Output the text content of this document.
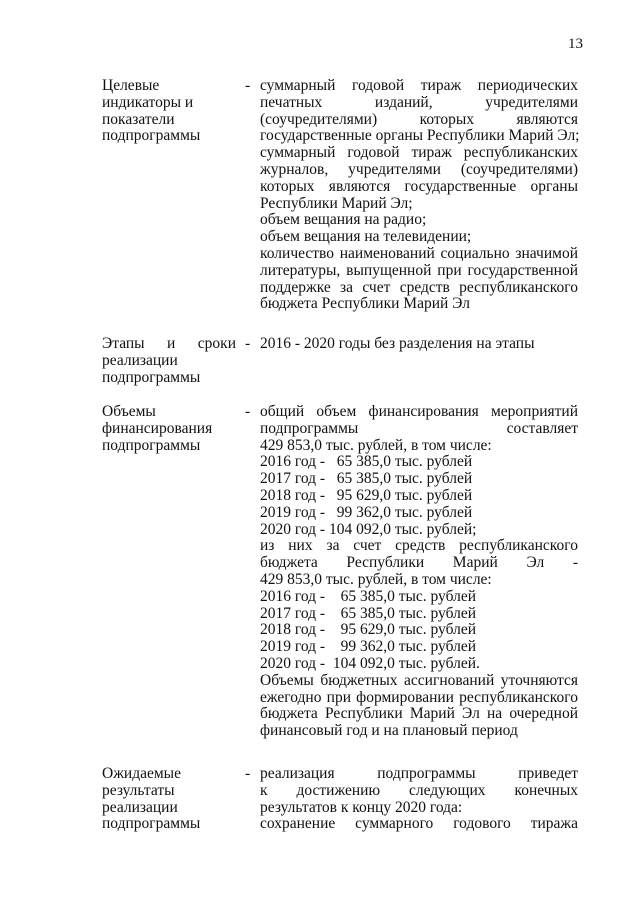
13
Целевые
индикаторы и
показатели
подпрограммы
- суммарный годовой тираж периодических
печатных изданий, учредителями
(соучредителями) которых являются
государственные органы Республики Марий Эл;
суммарный годовой тираж республиканских
журналов, учредителями (соучредителями)
которых являются государственные органы
Республики Марий Эл;
объем вещания на радио;
объем вещания на телевидении;
количество наименований социально значимой
литературы, выпущенной при государственной
поддержке за счет средств республиканского
бюджета Республики Марий Эл
Этапы и сроки
реализации
подпрограммы
- 2016 - 2020 годы без разделения на этапы
Объемы
финансирования
подпрограммы
- общий объем финансирования мероприятий
подпрограммы составляет
429 853,0 тыс. рублей, в том числе:
2016 год -   65 385,0 тыс. рублей
2017 год -   65 385,0 тыс. рублей
2018 год -   95 629,0 тыс. рублей
2019 год -   99 362,0 тыс. рублей
2020 год - 104 092,0 тыс. рублей;
из них за счет средств республиканского
бюджета Республики Марий Эл -
429 853,0 тыс. рублей, в том числе:
2016 год -    65 385,0 тыс. рублей
2017 год -    65 385,0 тыс. рублей
2018 год -    95 629,0 тыс. рублей
2019 год -    99 362,0 тыс. рублей
2020 год -  104 092,0 тыс. рублей.
Объемы бюджетных ассигнований уточняются
ежегодно при формировании республиканского
бюджета Республики Марий Эл на очередной
финансовый год и на плановый период
Ожидаемые
результаты
реализации
подпрограммы
- реализация подпрограммы приведет
к достижению следующих конечных
результатов к концу 2020 года:
сохранение суммарного годового тиража
